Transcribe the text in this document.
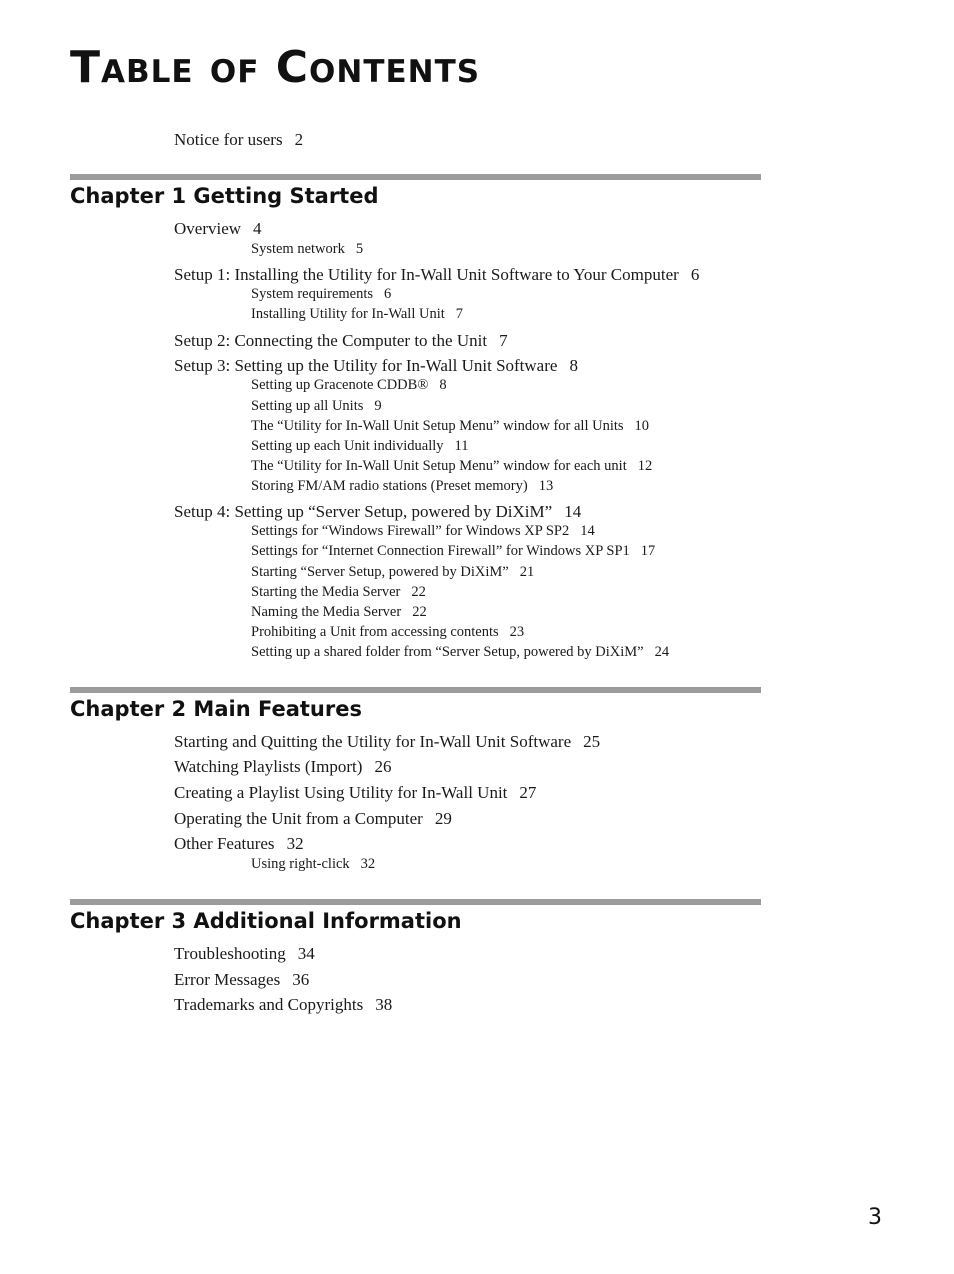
Table of Contents
Notice for users 2
Chapter 1 Getting Started
Overview 4
System network 5
Setup 1: Installing the Utility for In-Wall Unit Software to Your Computer 6
System requirements 6
Installing Utility for In-Wall Unit 7
Setup 2: Connecting the Computer to the Unit 7
Setup 3: Setting up the Utility for In-Wall Unit Software 8
Setting up Gracenote CDDB® 8
Setting up all Units 9
The “Utility for In-Wall Unit Setup Menu” window for all Units 10
Setting up each Unit individually 11
The “Utility for In-Wall Unit Setup Menu” window for each unit 12
Storing FM/AM radio stations (Preset memory) 13
Setup 4: Setting up “Server Setup, powered by DiXiM” 14
Settings for “Windows Firewall” for Windows XP SP2 14
Settings for “Internet Connection Firewall” for Windows XP SP1 17
Starting “Server Setup, powered by DiXiM” 21
Starting the Media Server 22
Naming the Media Server 22
Prohibiting a Unit from accessing contents 23
Setting up a shared folder from “Server Setup, powered by DiXiM” 24
Chapter 2 Main Features
Starting and Quitting the Utility for In-Wall Unit Software 25
Watching Playlists (Import) 26
Creating a Playlist Using Utility for In-Wall Unit 27
Operating the Unit from a Computer 29
Other Features 32
Using right-click 32
Chapter 3 Additional Information
Troubleshooting 34
Error Messages 36
Trademarks and Copyrights 38
3
